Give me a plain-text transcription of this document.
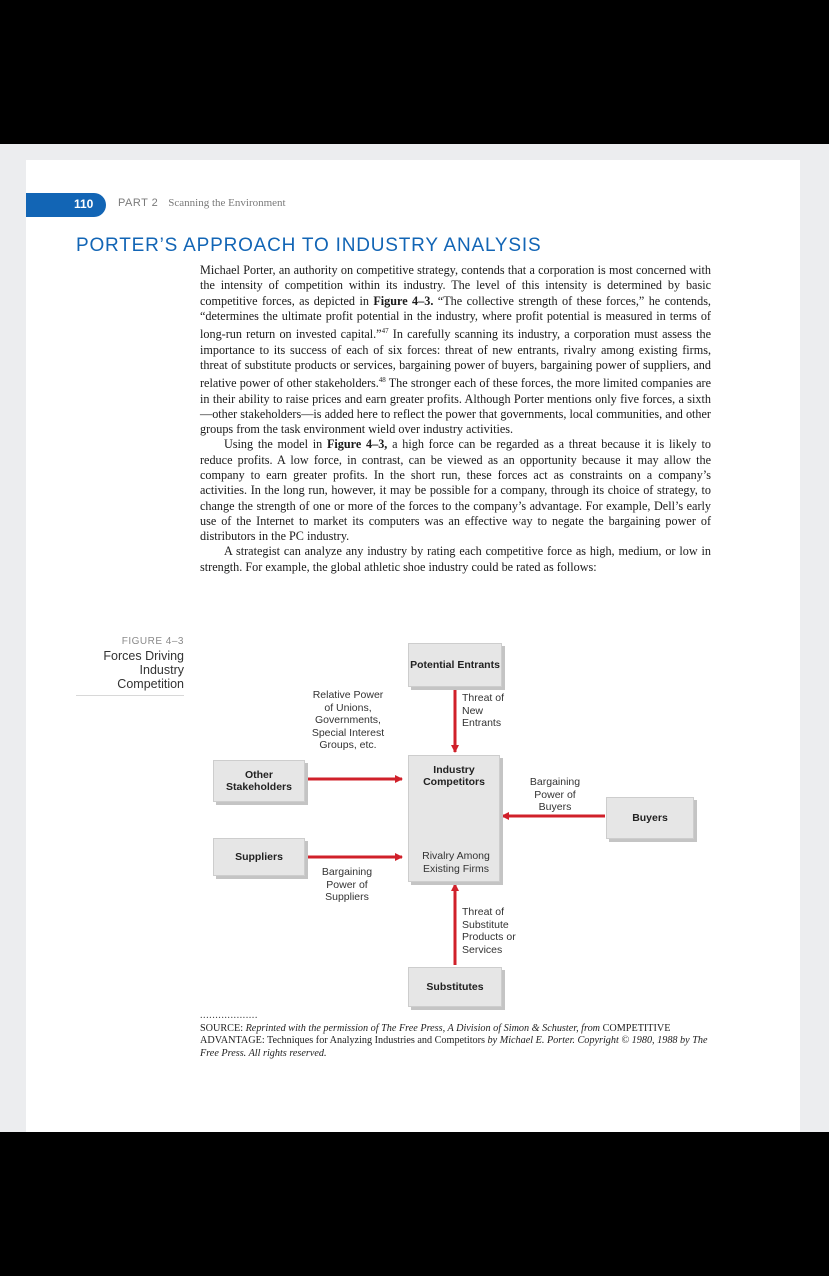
110 PART 2 Scanning the Environment
PORTER’S APPROACH TO INDUSTRY ANALYSIS

Michael Porter, an authority on competitive strategy, contends that a corporation is most concerned with the intensity of competition within its industry. The level of this intensity is determined by basic competitive forces, as depicted in Figure 4–3. “The collective strength of these forces,” he contends, “determines the ultimate profit potential in the industry, where profit potential is measured in terms of long-run return on invested capital.”$^{47}$ In carefully scanning its industry, a corporation must assess the importance to its success of each of six forces: threat of new entrants, rivalry among existing firms, threat of substitute products or services, bargaining power of buyers, bargaining power of suppliers, and relative power of other stakeholders.$^{48}$ The stronger each of these forces, the more limited companies are in their ability to raise prices and earn greater profits. Although Porter mentions only five forces, a sixth—other stakeholders—is added here to reflect the power that governments, local communities, and other groups from the task environment wield over industry activities.

Using the model in Figure 4–3, a high force can be regarded as a threat because it is likely to reduce profits. A low force, in contrast, can be viewed as an opportunity because it may allow the company to earn greater profits. In the short run, these forces act as constraints on a company’s activities. In the long run, however, it may be possible for a company, through its choice of strategy, to change the strength of one or more of the forces to the company’s advantage. For example, Dell’s early use of the Internet to market its computers was an effective way to negate the bargaining power of distributors in the PC industry.

A strategist can analyze any industry by rating each competitive force as high, medium, or low in strength. For example, the global athletic shoe industry could be rated as follows:

FIGURE 4–3
Forces Driving Industry Competition
Potential Entrants
Industry Competitors
Other Stakeholders
Suppliers
Buyers
Substitutes
Relative Power of Unions, Governments, Special Interest Groups, etc.
Threat of New Entrants
Bargaining Power of Buyers
Bargaining Power of Suppliers
Rivalry Among Existing Firms
Threat of Substitute Products or Services
...................
SOURCE: Reprinted with the permission of The Free Press, A Division of Simon & Schuster, from COMPETITIVE ADVANTAGE: Techniques for Analyzing Industries and Competitors by Michael E. Porter. Copyright © 1980, 1988 by The Free Press. All rights reserved.
